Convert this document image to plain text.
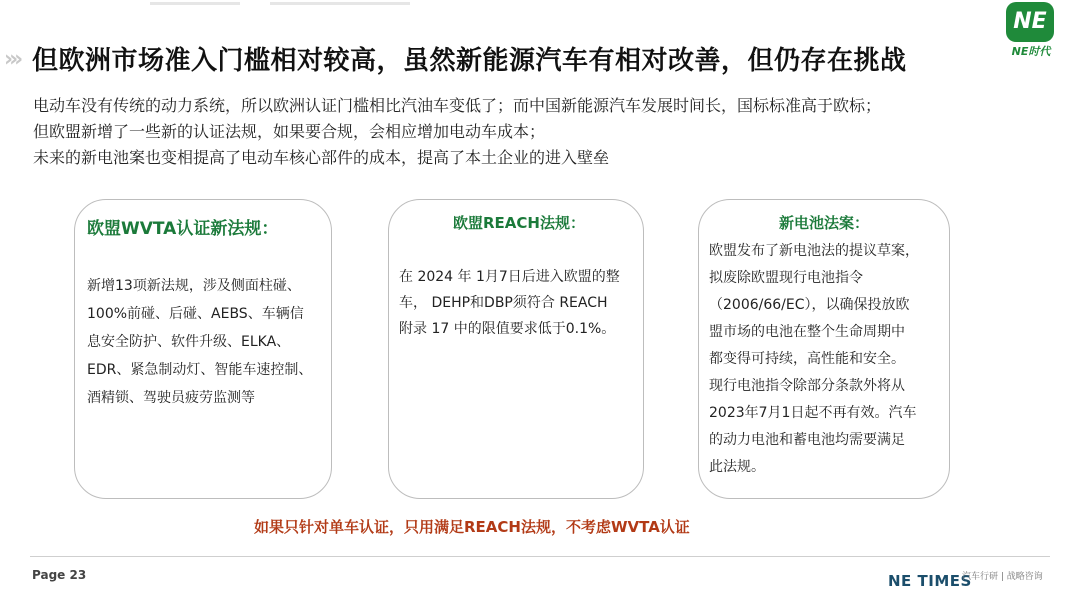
››› 但欧洲市场准入门槛相对较高，虽然新能源汽车有相对改善，但仍存在挑战
NE
NE时代
电动车没有传统的动力系统，所以欧洲认证门槛相比汽油车变低了；而中国新能源汽车发展时间长，国标标准高于欧标；
但欧盟新增了一些新的认证法规，如果要合规，会相应增加电动车成本；
未来的新电池案也变相提高了电动车核心部件的成本，提高了本土企业的进入壁垒
欧盟WVTA认证新法规：
新增13项新法规，涉及侧面柱碰、
100%前碰、后碰、AEBS、车辆信
息安全防护、软件升级、ELKA、
EDR、紧急制动灯、智能车速控制、
酒精锁、驾驶员疲劳监测等
欧盟REACH法规：
在 2024 年 1月7日后进入欧盟的整
车， DEHP和DBP须符合 REACH
附录 17 中的限值要求低于0.1%。
新电池法案：
欧盟发布了新电池法的提议草案，
拟废除欧盟现行电池指令
（2006/66/EC），以确保投放欧
盟市场的电池在整个生命周期中
都变得可持续，高性能和安全。
现行电池指令除部分条款外将从
2023年7月1日起不再有效。汽车
的动力电池和蓄电池均需要满足
此法规。
如果只针对单车认证，只用满足REACH法规，不考虑WVTA认证
Page 23	NE TIMES
汽车行研 | 战略咨询
